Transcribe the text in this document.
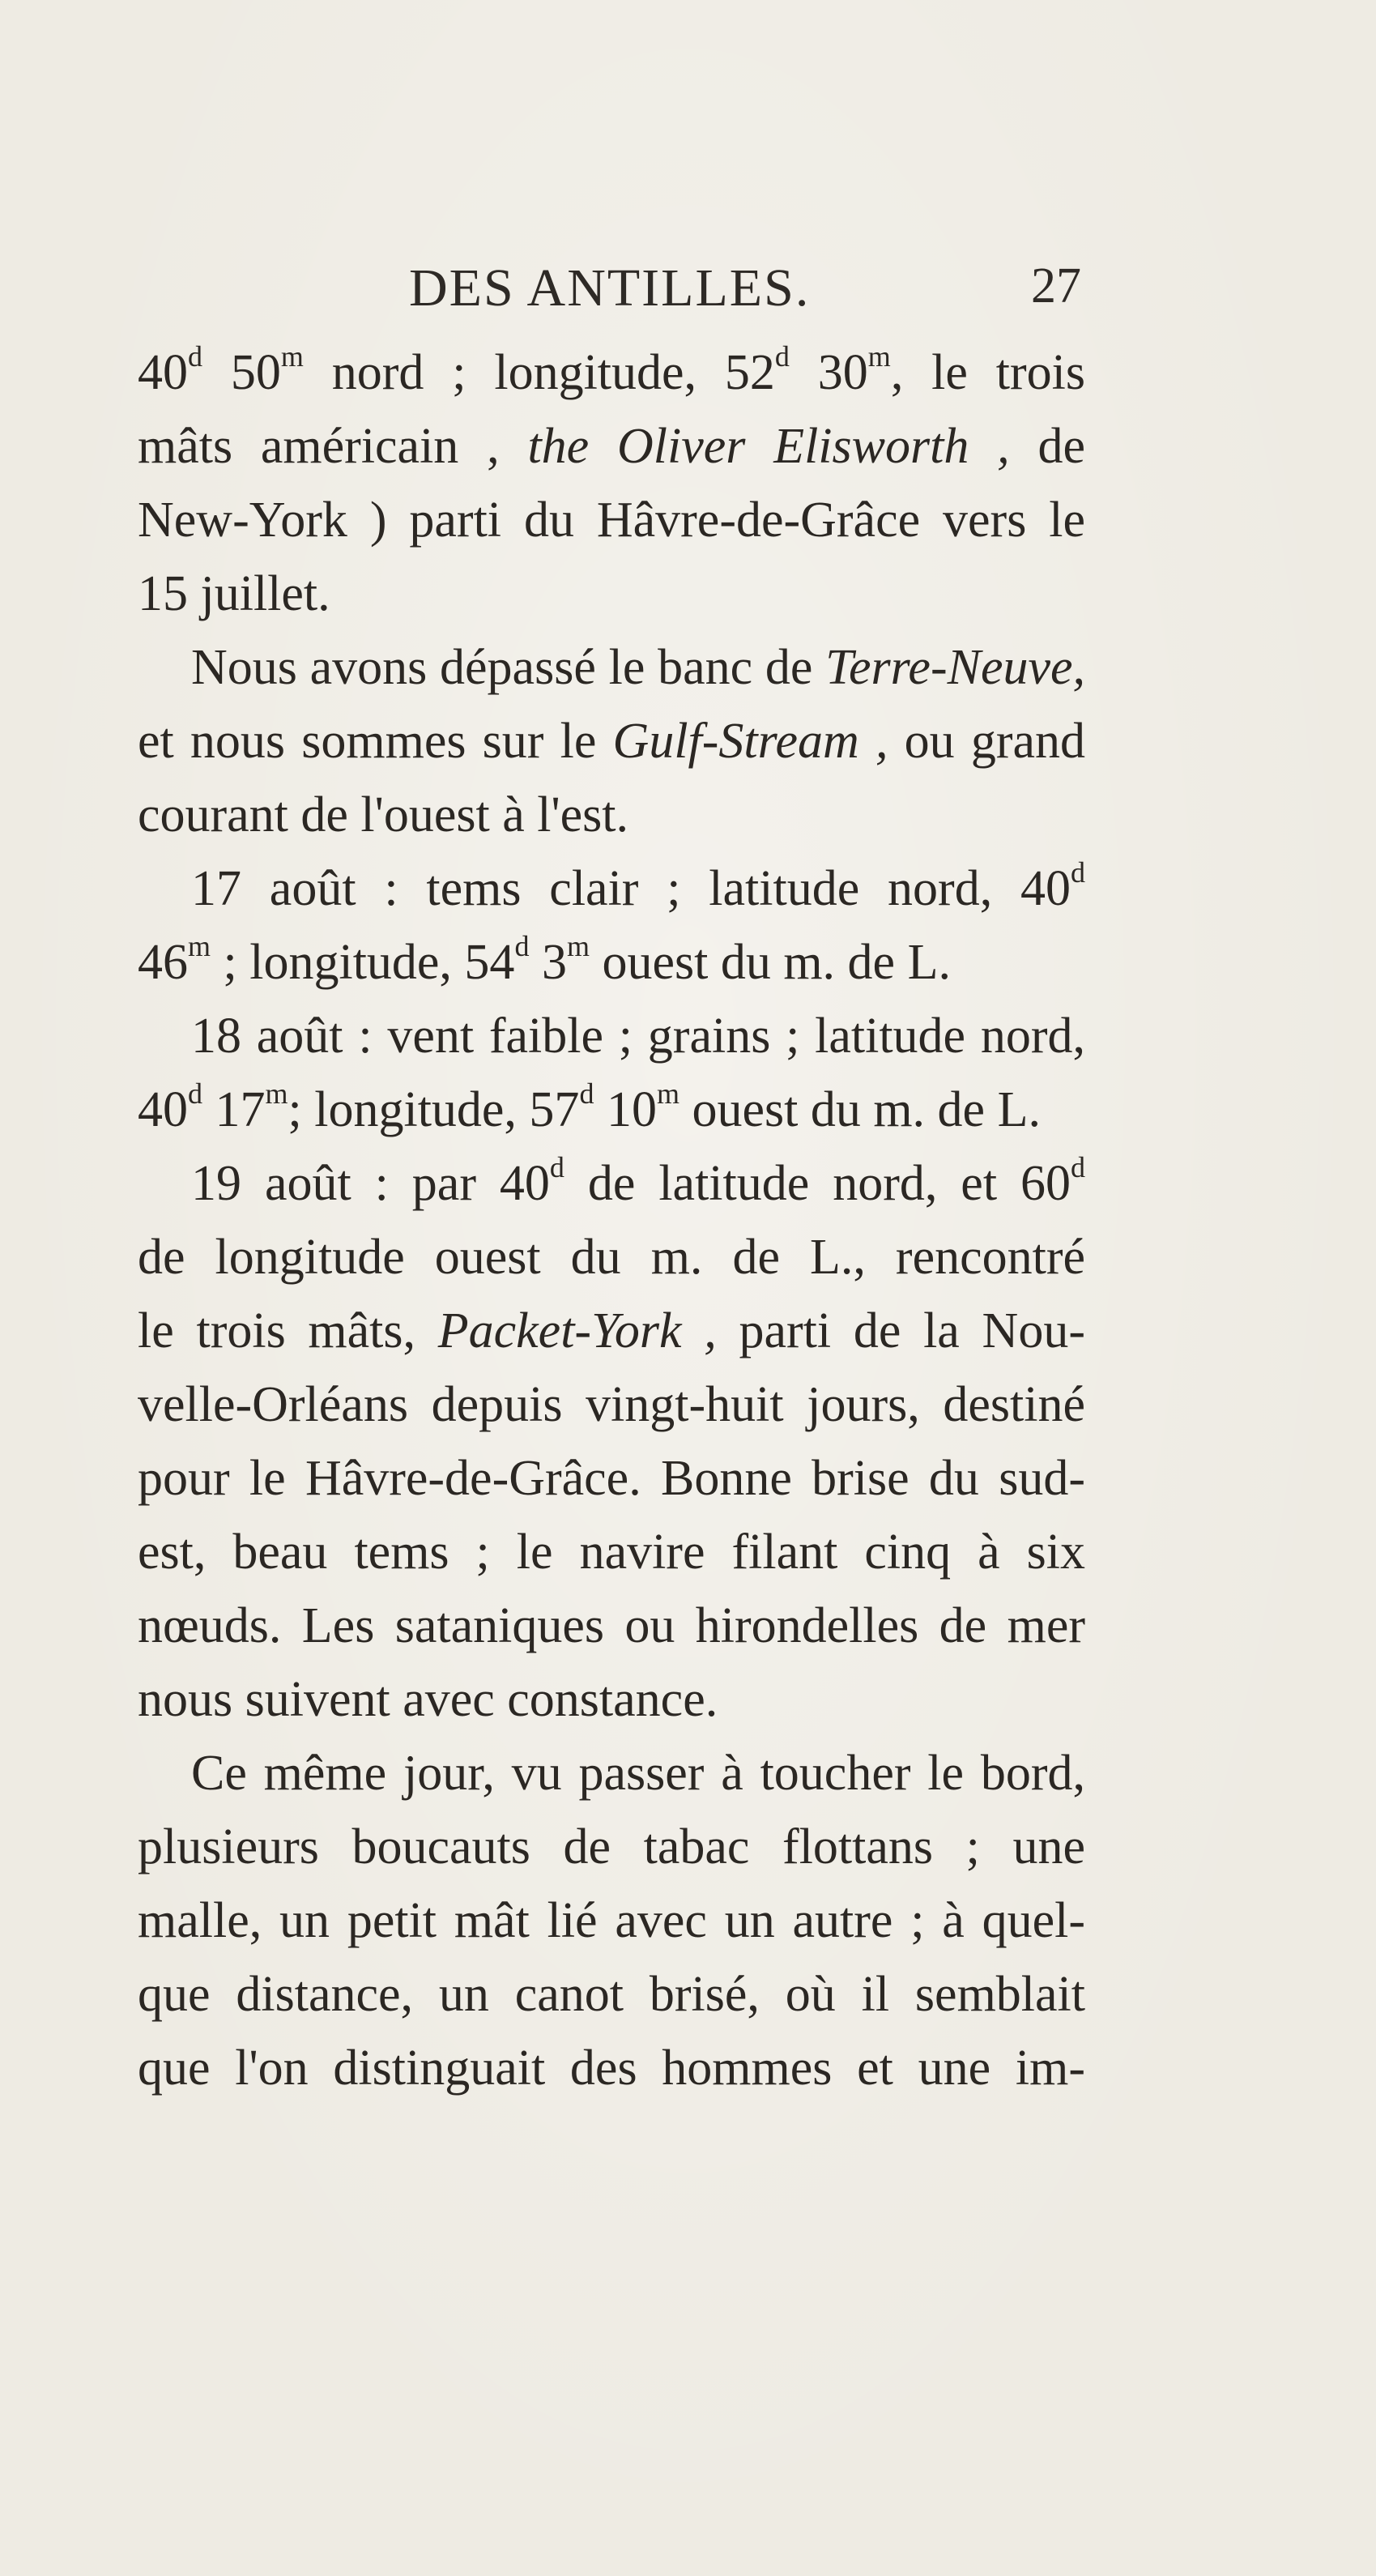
DES ANTILLES.	27
40$^d$ 50$^m$ nord ; longitude, 52$^d$ 30$^m$, le trois
mâts américain , the Oliver Elisworth , de
New-York ) parti du Hâvre-de-Grâce vers le
15 juillet.
Nous avons dépassé le banc de Terre-Neuve,
et nous sommes sur le Gulf-Stream , ou grand
courant de l'ouest à l'est.
17 août : tems clair ; latitude nord, 40$^d$
46$^m$ ; longitude, 54$^d$ 3$^m$ ouest du m. de L.
18 août : vent faible ; grains ; latitude nord,
40$^d$ 17$^m$; longitude, 57$^d$ 10$^m$ ouest du m. de L.
19 août : par 40$^d$ de latitude nord, et 60$^d$
de longitude ouest du m. de L., rencontré
le trois mâts, Packet-York , parti de la Nou-
velle-Orléans depuis vingt-huit jours, destiné
pour le Hâvre-de-Grâce. Bonne brise du sud-
est, beau tems ; le navire filant cinq à six
nœuds. Les sataniques ou hirondelles de mer
nous suivent avec constance.
Ce même jour, vu passer à toucher le bord,
plusieurs boucauts de tabac flottans ; une
malle, un petit mât lié avec un autre ; à quel-
que distance, un canot brisé, où il semblait
que l'on distinguait des hommes et une im-
